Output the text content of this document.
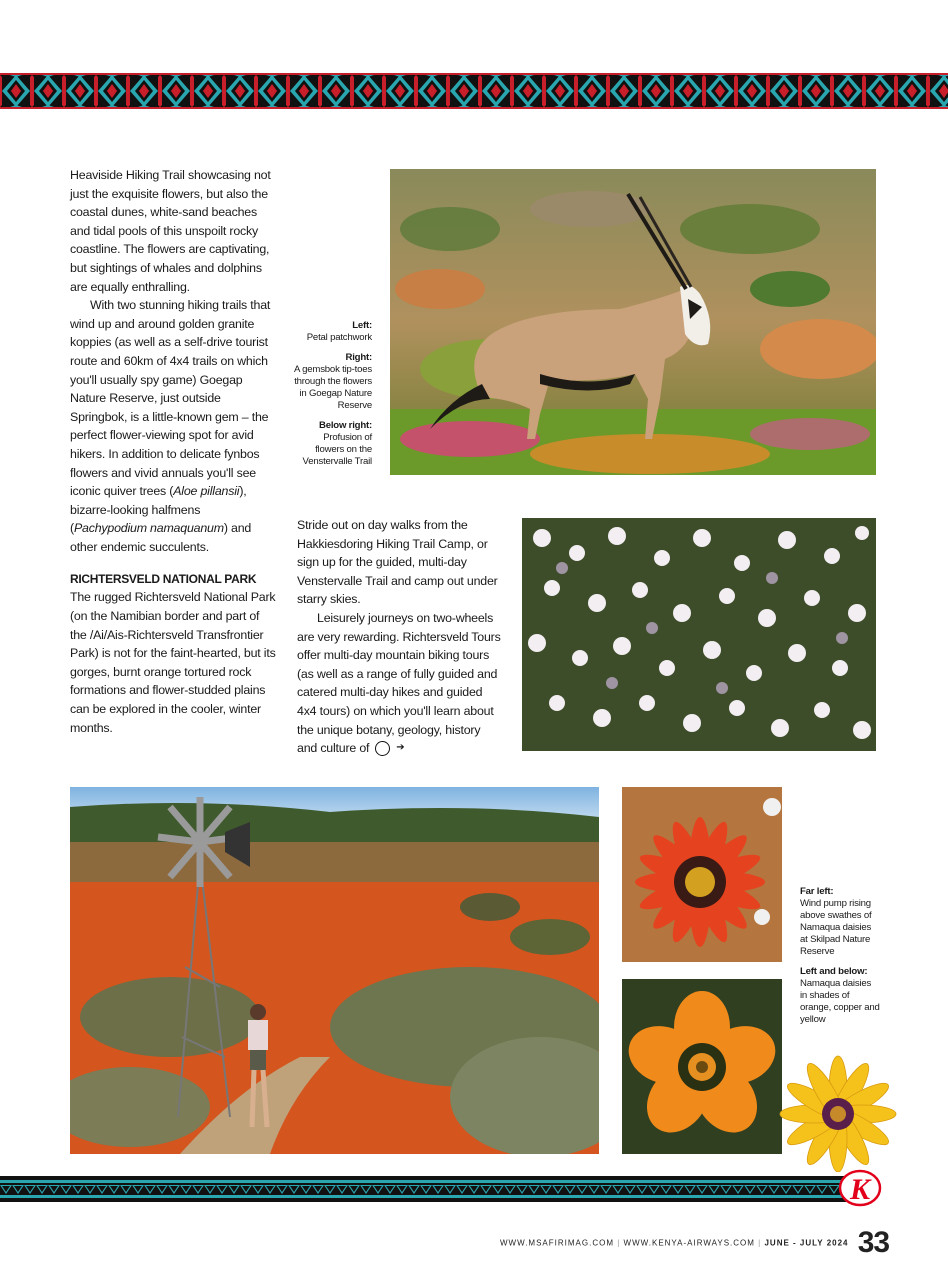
Heaviside Hiking Trail showcasing not just the exquisite flowers, but also the coastal dunes, white-sand beaches and tidal pools of this unspoilt rocky coastline. The flowers are captivating, but sightings of whales and dolphins are equally enthralling.

With two stunning hiking trails that wind up and around golden granite koppies (as well as a self-drive tourist route and 60km of 4x4 trails on which you'll usually spy game) Goegap Nature Reserve, just outside Springbok, is a little-known gem – the perfect flower-viewing spot for avid hikers. In addition to delicate fynbos flowers and vivid annuals you'll see iconic quiver trees (Aloe pillansii), bizarre-looking halfmens (Pachypodium namaquanum) and other endemic succulents.

RICHTERSVELD NATIONAL PARK

The rugged Richtersveld National Park (on the Namibian border and part of the /Ai/Ais-Richtersveld Transfrontier Park) is not for the faint-hearted, but its gorges, burnt orange tortured rock formations and flower-studded plains can be explored in the cooler, winter months.

Left:
Petal patchwork
Right:
A gemsbok tip-toes through the flowers in Goegap Nature Reserve
Below right:
Profusion of flowers on the Venstervalle Trail

Stride out on day walks from the Hakkiesdoring Hiking Trail Camp, or sign up for the guided, multi-day Venstervalle Trail and camp out under starry skies.

Leisurely journeys on two-wheels are very rewarding. Richtersveld Tours offer multi-day mountain biking tours (as well as a range of fully guided and catered multi-day hikes and guided 4x4 tours) on which you'll learn about the unique botany, geology, history and culture of	➔

Far left:
Wind pump rising above swathes of Namaqua daisies at Skilpad Nature Reserve
Left and below:
Namaqua daisies in shades of orange, copper and yellow
K
WWW.MSAFIRIMAG.COM | WWW.KENYA-AIRWAYS.COM | JUNE - JULY 2024 33
